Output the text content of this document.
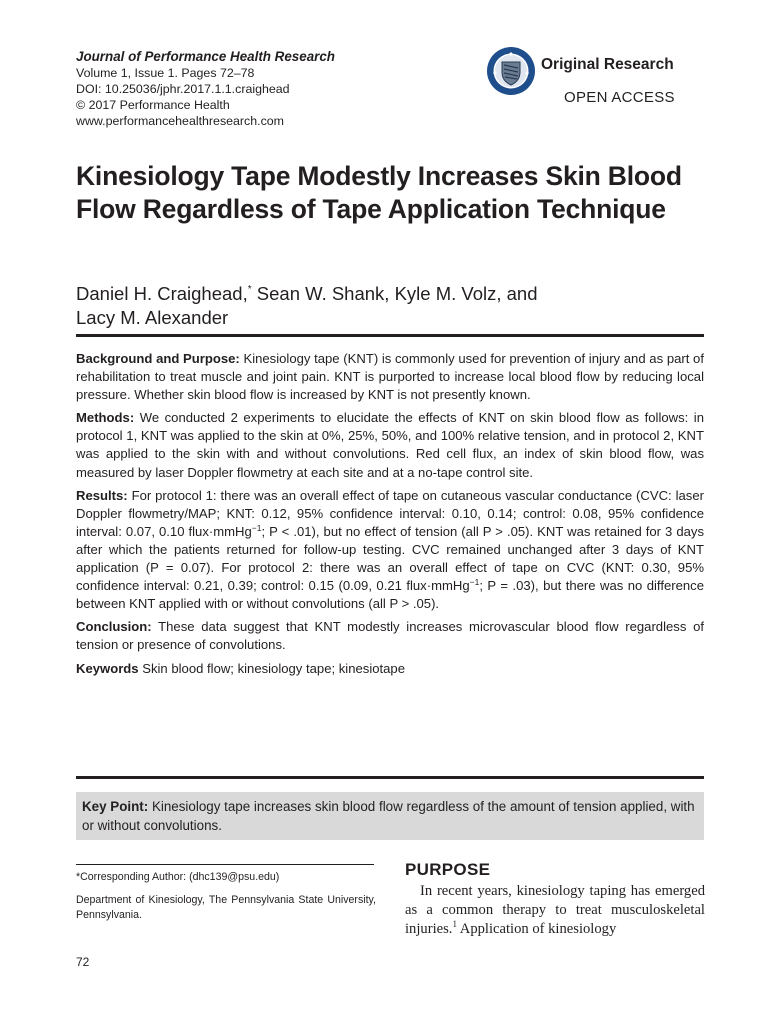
Journal of Performance Health Research
Volume 1, Issue 1. Pages 72–78
DOI: 10.25036/jphr.2017.1.1.craighead
© 2017 Performance Health
www.performancehealthresearch.com
Original Research
OPEN ACCESS
Kinesiology Tape Modestly Increases Skin Blood Flow Regardless of Tape Application Technique
Daniel H. Craighead,* Sean W. Shank, Kyle M. Volz, and
Lacy M. Alexander

Background and Purpose: Kinesiology tape (KNT) is commonly used for prevention of injury and as part of rehabilitation to treat muscle and joint pain. KNT is purported to increase local blood flow by reducing local pressure. Whether skin blood flow is increased by KNT is not presently known.

Methods: We conducted 2 experiments to elucidate the effects of KNT on skin blood flow as follows: in protocol 1, KNT was applied to the skin at 0%, 25%, 50%, and 100% relative tension, and in protocol 2, KNT was applied to the skin with and without convolutions. Red cell flux, an index of skin blood flow, was measured by laser Doppler flowmetry at each site and at a no-tape control site.

Results: For protocol 1: there was an overall effect of tape on cutaneous vascular conductance (CVC: laser Doppler flowmetry/MAP; KNT: 0.12, 95% confidence interval: 0.10, 0.14; control: 0.08, 95% confidence interval: 0.07, 0.10 flux·mmHg$^{-1}$; P < .01), but no effect of tension (all P > .05). KNT was retained for 3 days after which the patients returned for follow-up testing. CVC remained unchanged after 3 days of KNT application (P = 0.07). For protocol 2: there was an overall effect of tape on CVC (KNT: 0.30, 95% confidence interval: 0.21, 0.39; control: 0.15 (0.09, 0.21 flux·mmHg$^{-1}$; P = .03), but there was no difference between KNT applied with or without convolutions (all P > .05).

Conclusion: These data suggest that KNT modestly increases microvascular blood flow regardless of tension or presence of convolutions.

Keywords Skin blood flow; kinesiology tape; kinesiotape

Key Point: Kinesiology tape increases skin blood flow regardless of the amount of tension applied, with or without convolutions.

*Corresponding Author: (dhc139@psu.edu)

Department of Kinesiology, The Pennsylvania State University, Pennsylvania.

PURPOSE

In recent years, kinesiology taping has emerged as a common therapy to treat musculoskeletal injuries.$^1$ Application of kinesiology

72
